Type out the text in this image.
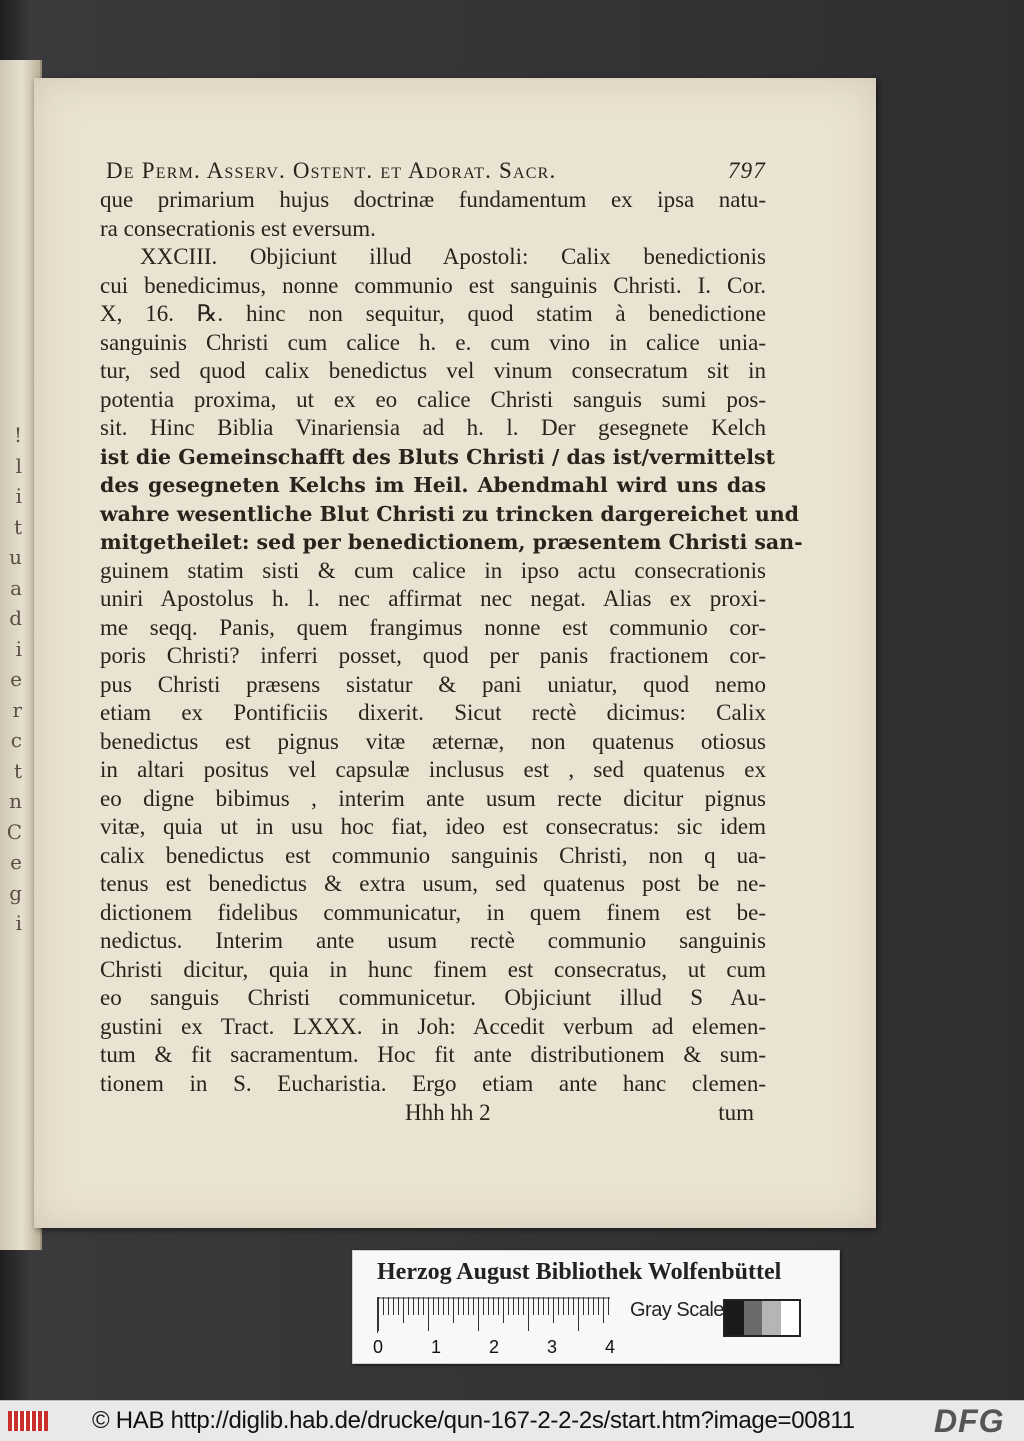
!
l
i
t
u
a
d
i
e
r
c
t
n
C
e
g
i
De Perm. Asserv. Ostent. et Adorat. Sacr.	797
que primarium hujus doctrinæ fundamentum ex ipsa natu-
ra consecrationis est eversum.
XXCIII. Objiciunt illud Apostoli: Calix benedictionis
cui benedicimus, nonne communio est sanguinis Christi. I. Cor.
X, 16. ℞. hinc non sequitur, quod statim à benedictione
sanguinis Christi cum calice h. e. cum vino in calice unia-
tur, sed quod calix benedictus vel vinum consecratum sit in
potentia proxima, ut ex eo calice Christi sanguis sumi pos-
sit. Hinc Biblia Vinariensia ad h. l. Der gesegnete Kelch
ist die Gemeinschafft des Bluts Christi / das ist/vermittelst
des gesegneten Kelchs im Heil. Abendmahl wird uns das
wahre wesentliche Blut Christi zu trincken dargereichet und
mitgetheilet: sed per benedictionem, præsentem Christi san-
guinem statim sisti & cum calice in ipso actu consecrationis
uniri Apostolus h. l. nec affirmat nec negat. Alias ex proxi-
me seqq. Panis, quem frangimus nonne est communio cor-
poris Christi? inferri posset, quod per panis fractionem cor-
pus Christi præsens sistatur & pani uniatur, quod nemo
etiam ex Pontificiis dixerit. Sicut rectè dicimus: Calix
benedictus est pignus vitæ æternæ, non quatenus otiosus
in altari positus vel capsulæ inclusus est , sed quatenus ex
eo digne bibimus , interim ante usum recte dicitur pignus
vitæ, quia ut in usu hoc fiat, ideo est consecratus: sic idem
calix benedictus est communio sanguinis Christi, non q ua-
tenus est benedictus & extra usum, sed quatenus post be ne-
dictionem fidelibus communicatur, in quem finem est be-
nedictus. Interim ante usum rectè communio sanguinis
Christi dicitur, quia in hunc finem est consecratus, ut cum
eo sanguis Christi communicetur. Objiciunt illud S Au-
gustini ex Tract. LXXX. in Joh: Accedit verbum ad elemen-
tum & fit sacramentum. Hoc fit ante distributionem & sum-
tionem in S. Eucharistia. Ergo etiam ante hanc clemen-
Hhh hh 2	tum
Herzog August Bibliothek Wolfenbüttel
0	1	2	3	4
Gray Scale
© HAB http://diglib.hab.de/drucke/qun-167-2-2-2s/start.htm?image=00811 DFG
